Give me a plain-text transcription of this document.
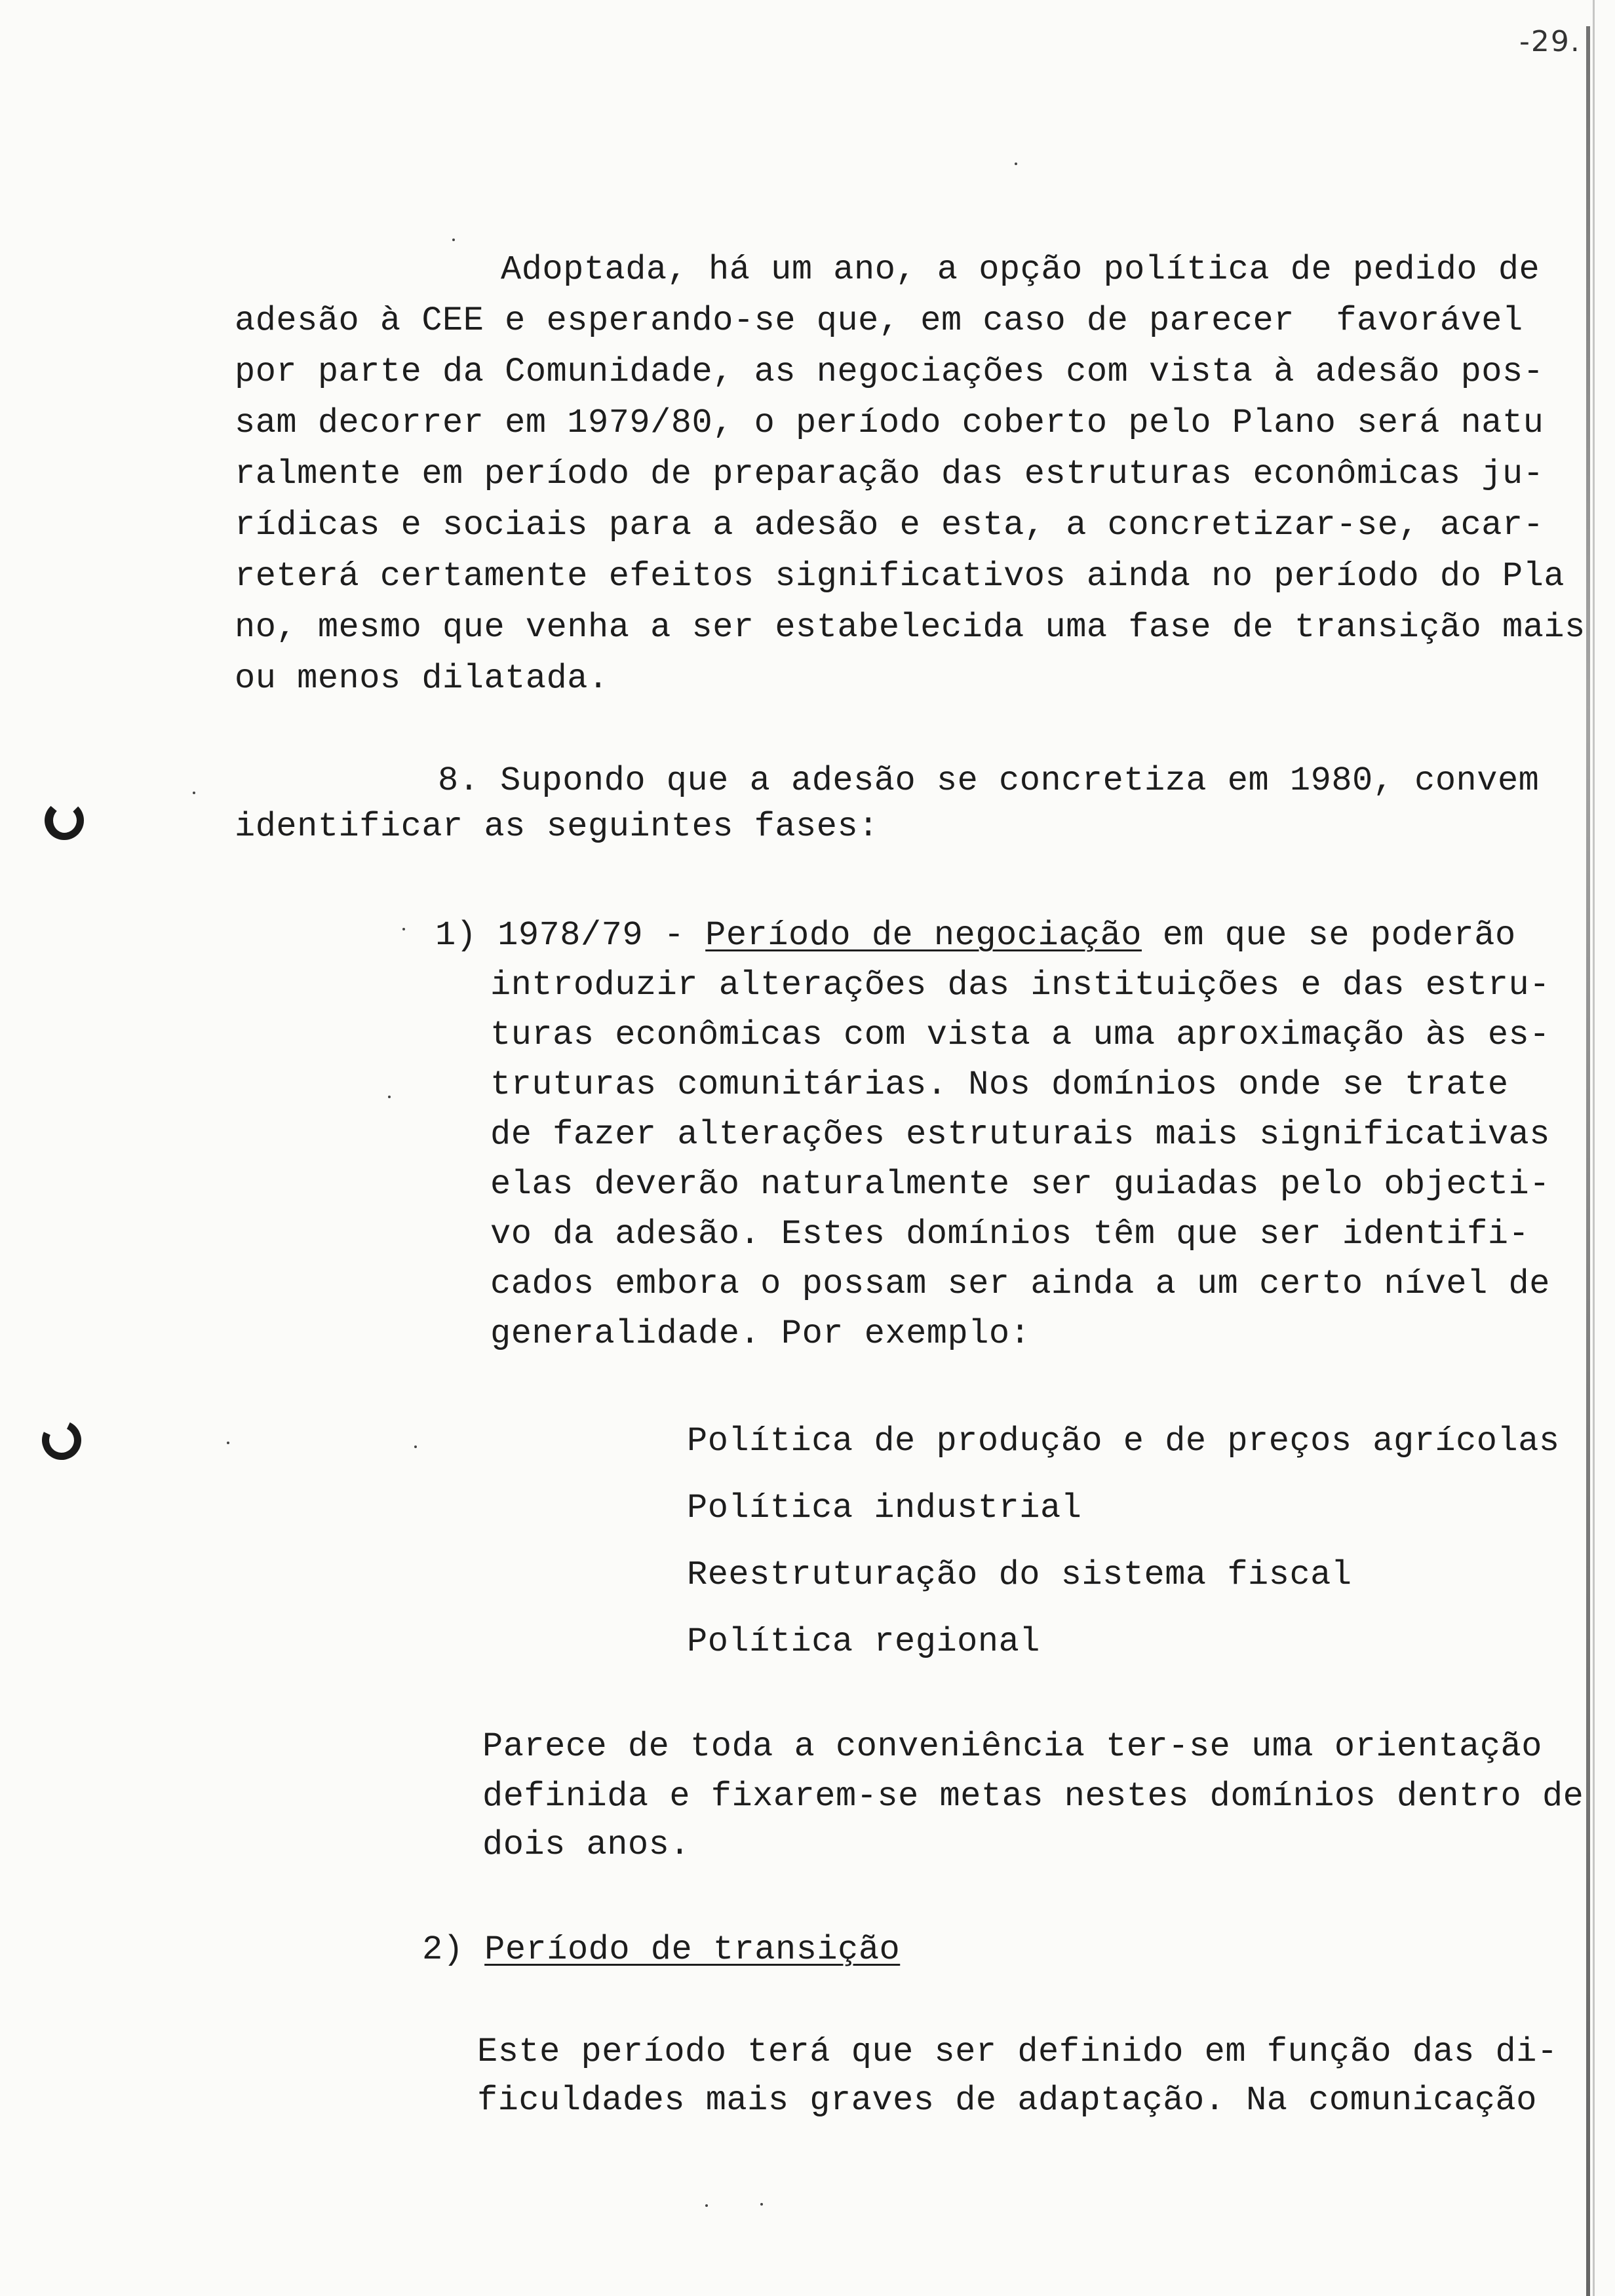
-29.
Adoptada, há um ano, a opção política de pedido de
adesão à CEE e esperando-se que, em caso de parecer  favorável
por parte da Comunidade, as negociações com vista à adesão pos-
sam decorrer em 1979/80, o período coberto pelo Plano será natu
ralmente em período de preparação das estruturas econômicas ju-
rídicas e sociais para a adesão e esta, a concretizar-se, acar-
reterá certamente efeitos significativos ainda no período do Pla
no, mesmo que venha a ser estabelecida uma fase de transição mais
ou menos dilatada.
8. Supondo que a adesão se concretiza em 1980, convem
identificar as seguintes fases:
1) 1978/79 - Período de negociação em que se poderão
introduzir alterações das instituições e das estru-
turas econômicas com vista a uma aproximação às es-
truturas comunitárias. Nos domínios onde se trate
de fazer alterações estruturais mais significativas
elas deverão naturalmente ser guiadas pelo objecti-
vo da adesão. Estes domínios têm que ser identifi-
cados embora o possam ser ainda a um certo nível de
generalidade. Por exemplo:
Política de produção e de preços agrícolas
Política industrial
Reestruturação do sistema fiscal
Política regional
Parece de toda a conveniência ter-se uma orientação
definida e fixarem-se metas nestes domínios dentro de
dois anos.
2) Período de transição
Este período terá que ser definido em função das di-
ficuldades mais graves de adaptação. Na comunicação
